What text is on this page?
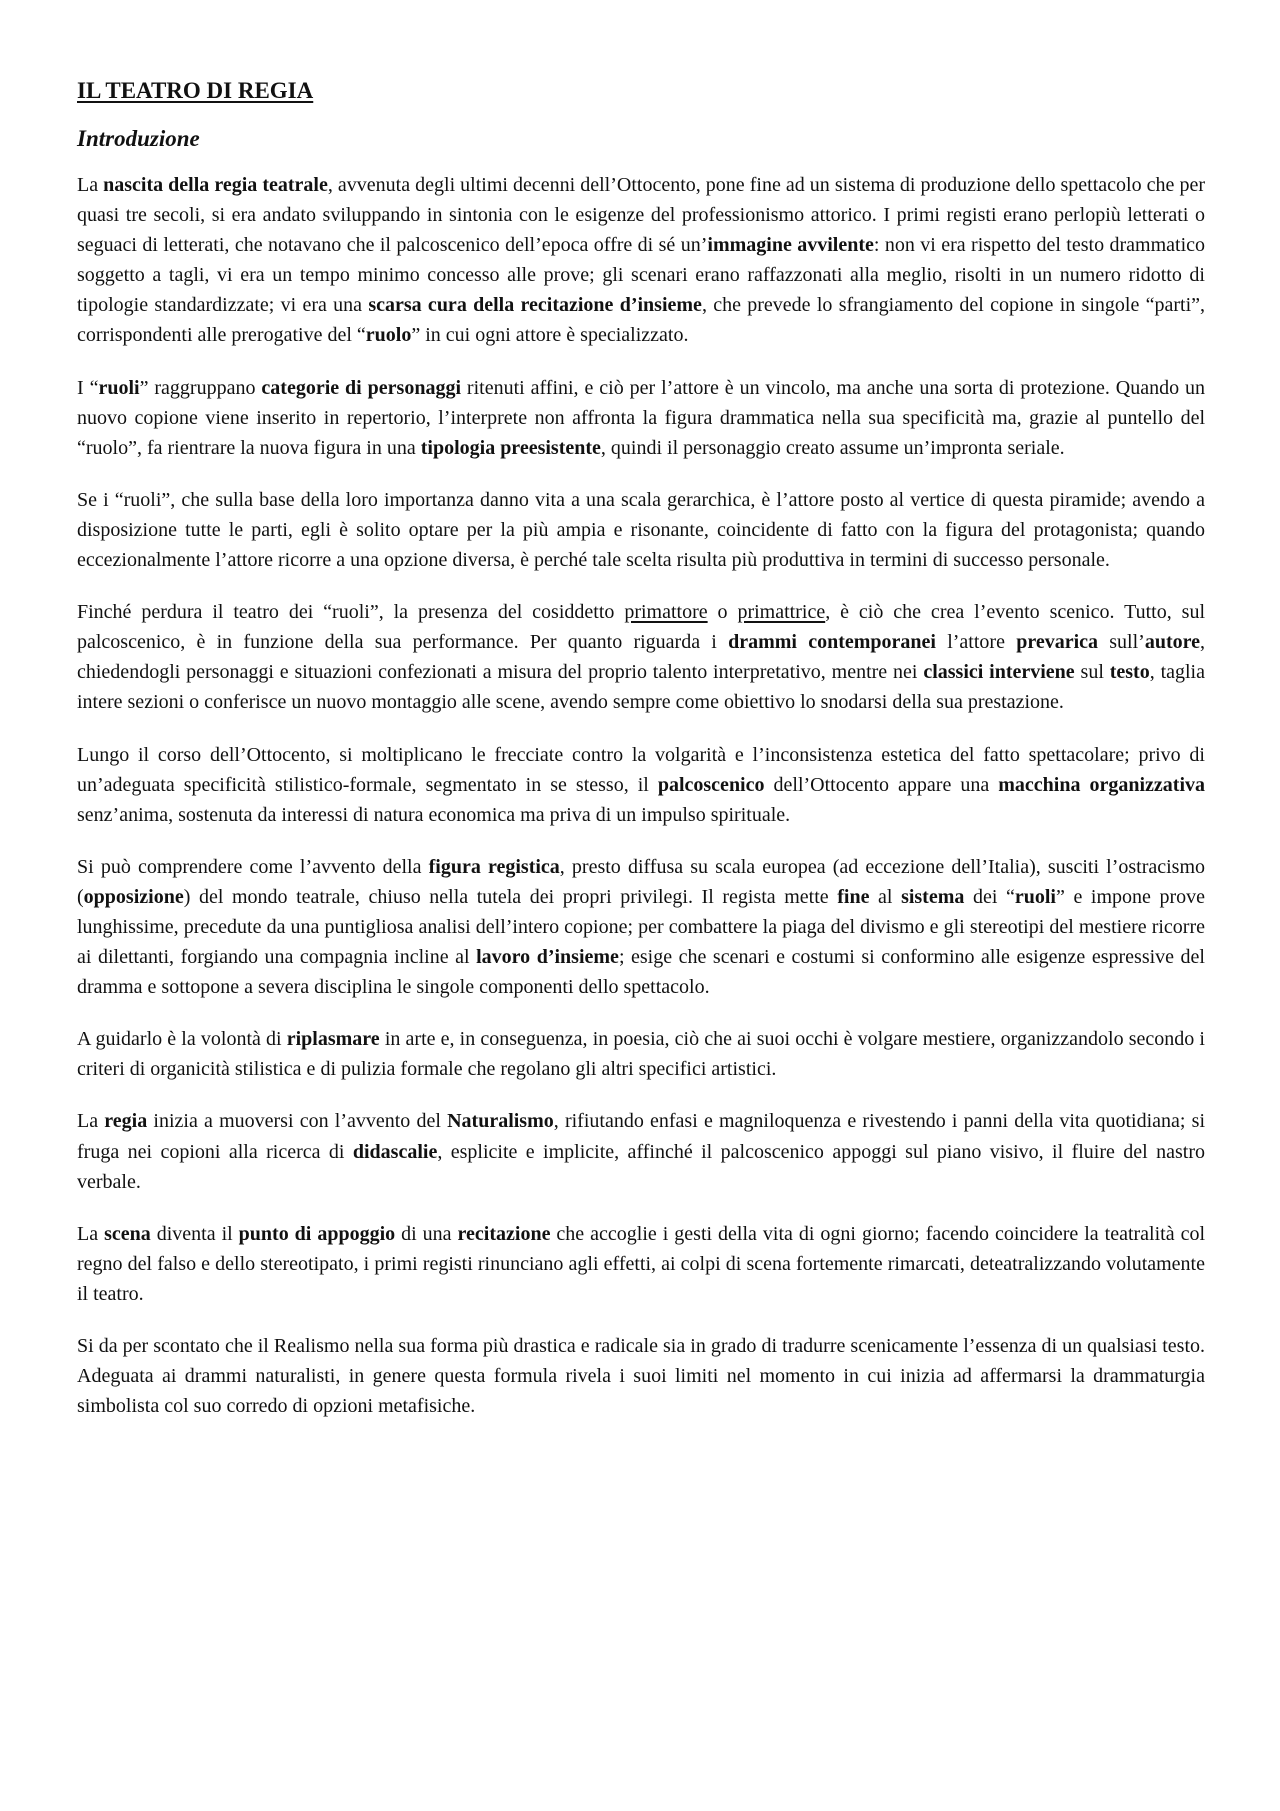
IL TEATRO DI REGIA
Introduzione

La nascita della regia teatrale, avvenuta degli ultimi decenni dell’Ottocento, pone fine ad un sistema di produzione dello spettacolo che per quasi tre secoli, si era andato sviluppando in sintonia con le esigenze del professionismo attorico. I primi registi erano perlopiù letterati o seguaci di letterati, che notavano che il palcoscenico dell’epoca offre di sé un’immagine avvilente: non vi era rispetto del testo drammatico soggetto a tagli, vi era un tempo minimo concesso alle prove; gli scenari erano raffazzonati alla meglio, risolti in un numero ridotto di tipologie standardizzate; vi era una scarsa cura della recitazione d’insieme, che prevede lo sfrangiamento del copione in singole “parti”, corrispondenti alle prerogative del “ruolo” in cui ogni attore è specializzato.

I “ruoli” raggruppano categorie di personaggi ritenuti affini, e ciò per l’attore è un vincolo, ma anche una sorta di protezione. Quando un nuovo copione viene inserito in repertorio, l’interprete non affronta la figura drammatica nella sua specificità ma, grazie al puntello del “ruolo”, fa rientrare la nuova figura in una tipologia preesistente, quindi il personaggio creato assume un’impronta seriale.

Se i “ruoli”, che sulla base della loro importanza danno vita a una scala gerarchica, è l’attore posto al vertice di questa piramide; avendo a disposizione tutte le parti, egli è solito optare per la più ampia e risonante, coincidente di fatto con la figura del protagonista; quando eccezionalmente l’attore ricorre a una opzione diversa, è perché tale scelta risulta più produttiva in termini di successo personale.

Finché perdura il teatro dei “ruoli”, la presenza del cosiddetto primattore o primattrice, è ciò che crea l’evento scenico. Tutto, sul palcoscenico, è in funzione della sua performance. Per quanto riguarda i drammi contemporanei l’attore prevarica sull’autore, chiedendogli personaggi e situazioni confezionati a misura del proprio talento interpretativo, mentre nei classici interviene sul testo, taglia intere sezioni o conferisce un nuovo montaggio alle scene, avendo sempre come obiettivo lo snodarsi della sua prestazione.

Lungo il corso dell’Ottocento, si moltiplicano le frecciate contro la volgarità e l’inconsistenza estetica del fatto spettacolare; privo di un’adeguata specificità stilistico-formale, segmentato in se stesso, il palcoscenico dell’Ottocento appare una macchina organizzativa senz’anima, sostenuta da interessi di natura economica ma priva di un impulso spirituale.

Si può comprendere come l’avvento della figura registica, presto diffusa su scala europea (ad eccezione dell’Italia), susciti l’ostracismo (opposizione) del mondo teatrale, chiuso nella tutela dei propri privilegi. Il regista mette fine al sistema dei “ruoli” e impone prove lunghissime, precedute da una puntigliosa analisi dell’intero copione; per combattere la piaga del divismo e gli stereotipi del mestiere ricorre ai dilettanti, forgiando una compagnia incline al lavoro d’insieme; esige che scenari e costumi si conformino alle esigenze espressive del dramma e sottopone a severa disciplina le singole componenti dello spettacolo.

A guidarlo è la volontà di riplasmare in arte e, in conseguenza, in poesia, ciò che ai suoi occhi è volgare mestiere, organizzandolo secondo i criteri di organicità stilistica e di pulizia formale che regolano gli altri specifici artistici.

La regia inizia a muoversi con l’avvento del Naturalismo, rifiutando enfasi e magniloquenza e rivestendo i panni della vita quotidiana; si fruga nei copioni alla ricerca di didascalie, esplicite e implicite, affinché il palcoscenico appoggi sul piano visivo, il fluire del nastro verbale.

La scena diventa il punto di appoggio di una recitazione che accoglie i gesti della vita di ogni giorno; facendo coincidere la teatralità col regno del falso e dello stereotipato, i primi registi rinunciano agli effetti, ai colpi di scena fortemente rimarcati, deteatralizzando volutamente il teatro.

Si da per scontato che il Realismo nella sua forma più drastica e radicale sia in grado di tradurre scenicamente l’essenza di un qualsiasi testo. Adeguata ai drammi naturalisti, in genere questa formula rivela i suoi limiti nel momento in cui inizia ad affermarsi la drammaturgia simbolista col suo corredo di opzioni metafisiche.
